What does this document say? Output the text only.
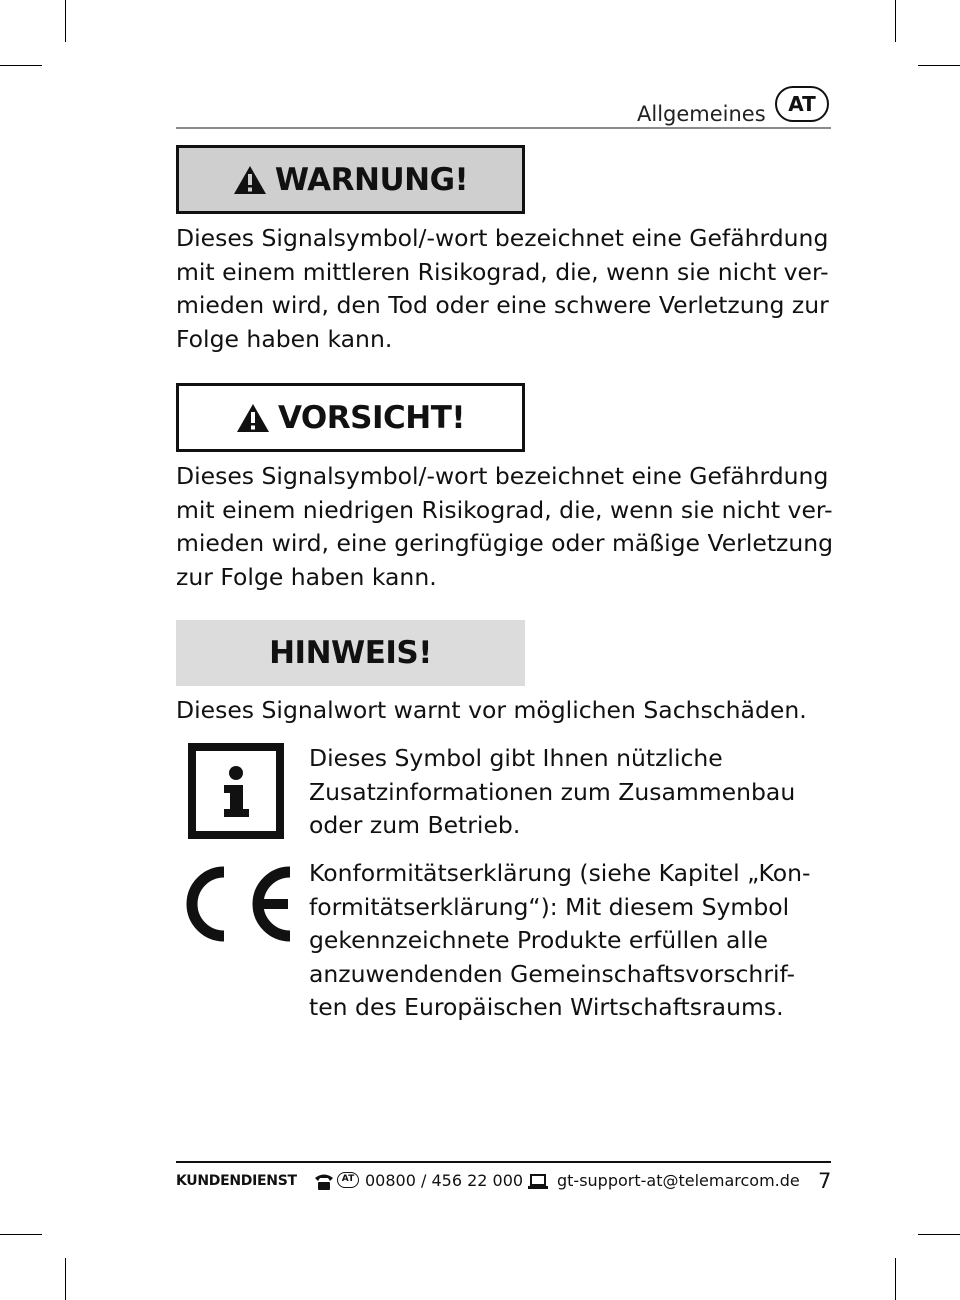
Allgemeines	AT
WARNUNG!
Dieses Signalsymbol/-wort bezeichnet eine Gefährdung
mit einem mittleren Risikograd, die, wenn sie nicht ver-
mieden wird, den Tod oder eine schwere Verletzung zur
Folge haben kann.
VORSICHT!
Dieses Signalsymbol/-wort bezeichnet eine Gefährdung
mit einem niedrigen Risikograd, die, wenn sie nicht ver-
mieden wird, eine geringfügige oder mäßige Verletzung
zur Folge haben kann.
HINWEIS!
Dieses Signalwort warnt vor möglichen Sachschäden.
Dieses Symbol gibt Ihnen nützliche
Zusatzinformationen zum Zusammenbau
oder zum Betrieb.
Konformitätserklärung (siehe Kapitel „Kon-
formitätserklärung“): Mit diesem Symbol
gekennzeichnete Produkte erfüllen alle
anzuwendenden Gemeinschaftsvorschrif-
ten des Europäischen Wirtschaftsraums.
KUNDENDIENST	AT 00800 / 456 22 000 gt-support-at@telemarcom.de 7
